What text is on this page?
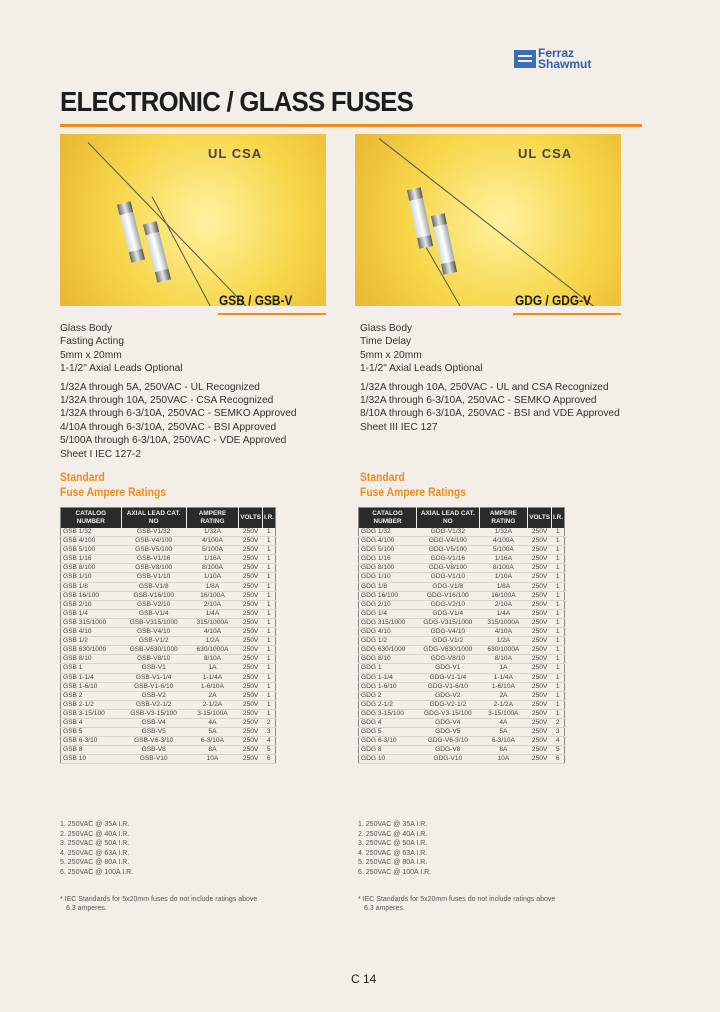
Ferraz
Shawmut
ELECTRONIC / GLASS FUSES
UL CSA
GSB / GSB-V

Glass Body

Fasting Acting

5mm x 20mm

1-1/2" Axial Leads Optional

1/32A through 5A, 250VAC - UL Recognized

1/32A through 10A, 250VAC - CSA Recognized

1/32A through 6-3/10A, 250VAC - SEMKO Approved

4/10A through 6-3/10A, 250VAC - BSI Approved

5/100A through 6-3/10A, 250VAC - VDE Approved

Sheet I IEC 127-2

Standard
Fuse Ampere Ratings
CATALOG NUMBER	AXIAL LEAD CAT. NO	AMPERE RATING	VOLTS	I.R.
GSB 1/32	GSB-V1/32	1/32A	250V	1
GSB 4/100	GSB-V4/100	4/100A	250V	1
GSB 5/100	GSB-V5/100	5/100A	250V	1
GSB 1/16	GSB-V1/16	1/16A	250V	1
GSB 8/100	GSB-V8/100	8/100A	250V	1
GSB 1/10	GSB-V1/10	1/10A	250V	1
GSB 1/8	GSB-V1/8	1/8A	250V	1
GSB 16/100	GSB-V16/100	16/100A	250V	1
GSB 2/10	GSB-V2/10	2/10A	250V	1
GSB 1/4	GSB-V1/4	1/4A	250V	1
GSB 315/1000	GSB-V315/1000	315/1000A	250V	1
GSB 4/10	GSB-V4/10	4/10A	250V	1
GSB 1/2	GSB-V1/2	1/2A	250V	1
GSB 630/1000	GSB-V630/1000	630/1000A	250V	1
GSB 8/10	GSB-V8/10	8/10A	250V	1
GSB 1	GSB-V1	1A	250V	1
GSB 1-1/4	GSB-V1-1/4	1-1/4A	250V	1
GSB 1-6/10	GSB-V1-6/10	1-6/10A	250V	1
GSB 2	GSB-V2	2A	250V	1
GSB 2-1/2	GSB-V2-1/2	2-1/2A	250V	1
GSB 3-15/100	GSB-V3-15/100	3-15/100A	250V	1
GSB 4	GSB-V4	4A	250V	2
GSB 5	GSB-V5	5A	250V	3
GSB 6-3/10	GSB-V6-3/10	6-3/10A	250V	4
GSB 8	GSB-V8	8A	250V	5
GSB 10	GSB-V10	10A	250V	6

1. 250VAC @ 35A I.R.

2. 250VAC @ 40A I.R.

3. 250VAC @ 50A I.R.

4. 250VAC @ 63A I.R.

5. 250VAC @ 80A I.R.

6. 250VAC @ 100A I.R.

* IEC Standards for 5x20mm fuses do not include ratings above
6.3 amperes.
UL CSA
GDG / GDG-V

Glass Body

Time Delay

5mm x 20mm

1-1/2" Axial Leads Optional

1/32A through 10A, 250VAC - UL and CSA Recognized

1/32A through 6-3/10A, 250VAC - SEMKO Approved

8/10A through 6-3/10A, 250VAC - BSI and VDE Approved

Sheet III IEC 127

Standard
Fuse Ampere Ratings
CATALOG NUMBER	AXIAL LEAD CAT. NO	AMPERE RATING	VOLTS	I.R.
GDG 1/32	GDG-V1/32	1/32A	250V	1
GDG 4/100	GDG-V4/100	4/100A	250V	1
GDG 5/100	GDG-V5/100	5/100A	250V	1
GDG 1/16	GDG-V1/16	1/16A	250V	1
GDG 8/100	GDG-V8/100	8/100A	250V	1
GDG 1/10	GDG-V1/10	1/10A	250V	1
GDG 1/8	GDG-V1/8	1/8A	250V	1
GDG 16/100	GDG-V16/100	16/100A	250V	1
GDG 2/10	GDG-V2/10	2/10A	250V	1
GDG 1/4	GDG-V1/4	1/4A	250V	1
GDG 315/1000	GDG-V315/1000	315/1000A	250V	1
GDG 4/10	GDG-V4/10	4/10A	250V	1
GDG 1/2	GDG-V1/2	1/2A	250V	1
GDG 630/1000	GDG-V630/1000	630/1000A	250V	1
GDG 8/10	GDG-V8/10	8/10A	250V	1
GDG 1	GDG-V1	1A	250V	1
GDG 1-1/4	GDG-V1-1/4	1-1/4A	250V	1
GDG 1-6/10	GDG-V1-6/10	1-6/10A	250V	1
GDG 2	GDG-V2	2A	250V	1
GDG 2-1/2	GDG-V2-1/2	2-1/2A	250V	1
GDG 3-15/100	GDG-V3-15/100	3-15/100A	250V	1
GDG 4	GDG-V4	4A	250V	2
GDG 5	GDG-V5	5A	250V	3
GDG 6-3/10	GDG-V6-3/10	6-3/10A	250V	4
GDG 8	GDG-V8	8A	250V	5
GDG 10	GDG-V10	10A	250V	6

1. 250VAC @ 35A I.R.

2. 250VAC @ 40A I.R.

3. 250VAC @ 50A I.R.

4. 250VAC @ 63A I.R.

5. 250VAC @ 80A I.R.

6. 250VAC @ 100A I.R.

* IEC Standards for 5x20mm fuses do not include ratings above
6.3 amperes.
C 14
